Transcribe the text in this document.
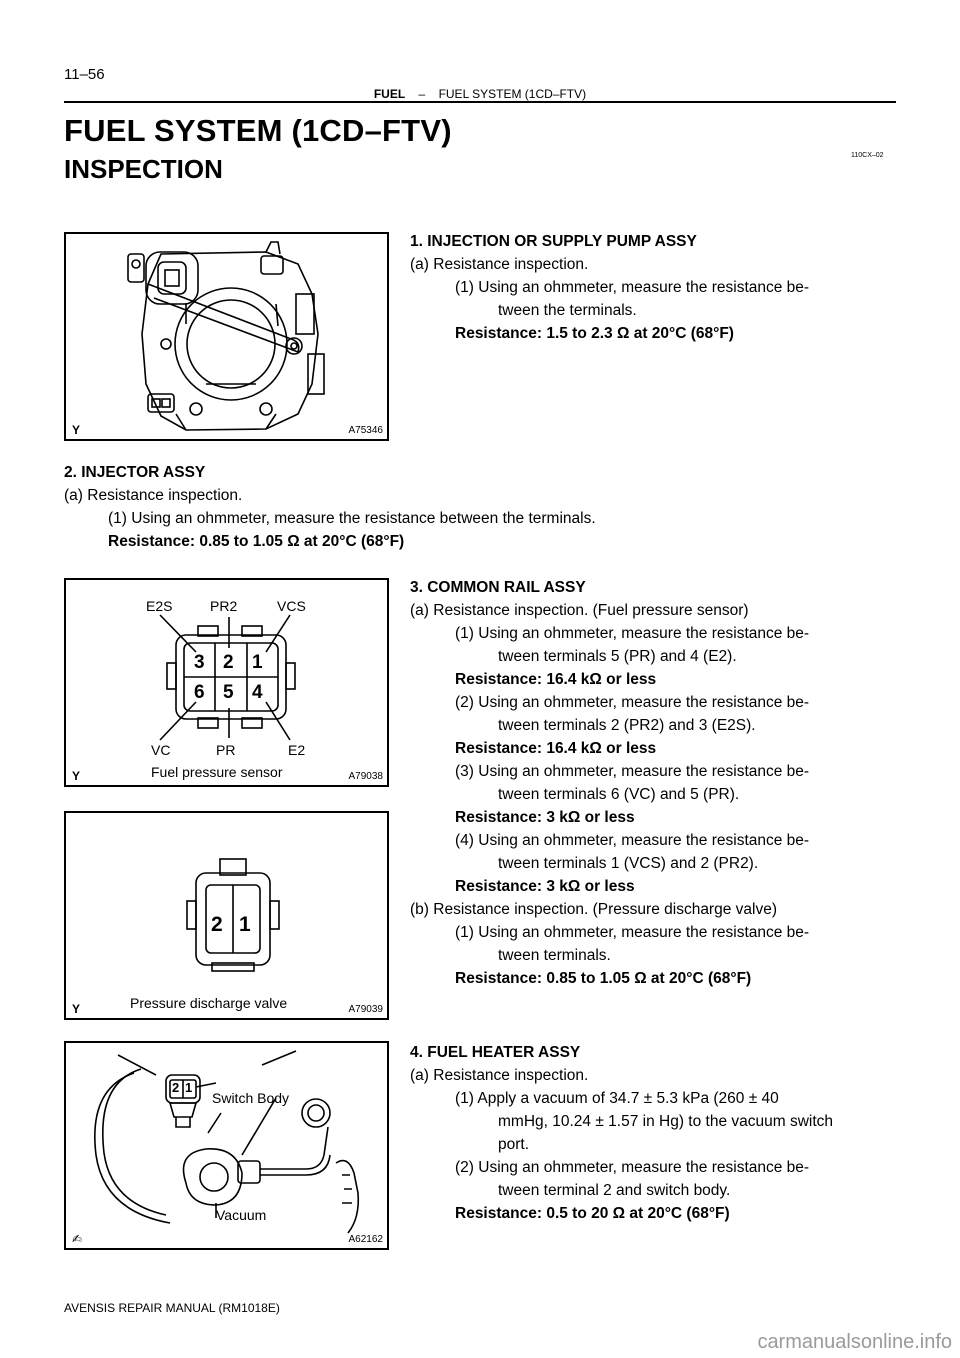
11–56
FUEL – FUEL SYSTEM (1CD–FTV)
FUEL SYSTEM (1CD–FTV)
110CX–02
INSPECTION
Y	A75346
1. INJECTION OR SUPPLY PUMP ASSY
(a) Resistance inspection.
(1) Using an ohmmeter, measure the resistance be-
tween the terminals.
Resistance: 1.5 to 2.3 Ω at 20°C (68°F)
2. INJECTOR ASSY
(a) Resistance inspection.
(1) Using an ohmmeter, measure the resistance between the terminals.
Resistance: 0.85 to 1.05 Ω at 20°C (68°F)
E2S	PR2	VCS
VC	PR	E2
3 2 1
6 5 4
Fuel pressure sensor
Y	A79038
3. COMMON RAIL ASSY
(a) Resistance inspection. (Fuel pressure sensor)
(1) Using an ohmmeter, measure the resistance be-
tween terminals 5 (PR) and 4 (E2).
Resistance: 16.4 kΩ or less
(2) Using an ohmmeter, measure the resistance be-
tween terminals 2 (PR2) and 3 (E2S).
Resistance: 16.4 kΩ or less
(3) Using an ohmmeter, measure the resistance be-
tween terminals 6 (VC) and 5 (PR).
Resistance: 3 kΩ or less
(4) Using an ohmmeter, measure the resistance be-
tween terminals 1 (VCS) and 2 (PR2).
Resistance: 3 kΩ or less
(b) Resistance inspection. (Pressure discharge valve)
(1) Using an ohmmeter, measure the resistance be-
tween terminals.
Resistance: 0.85 to 1.05 Ω at 20°C (68°F)
2 1
Pressure discharge valve
Y	A79039
2 1
Switch Body
Vacuum
✍	A62162
4. FUEL HEATER ASSY
(a) Resistance inspection.
(1) Apply a vacuum of 34.7 ± 5.3 kPa (260 ± 40
mmHg, 10.24 ± 1.57 in Hg) to the vacuum switch
port.
(2) Using an ohmmeter, measure the resistance be-
tween terminal 2 and switch body.
Resistance: 0.5 to 20 Ω at 20°C (68°F)
AVENSIS REPAIR MANUAL (RM1018E)
carmanualsonline.info
